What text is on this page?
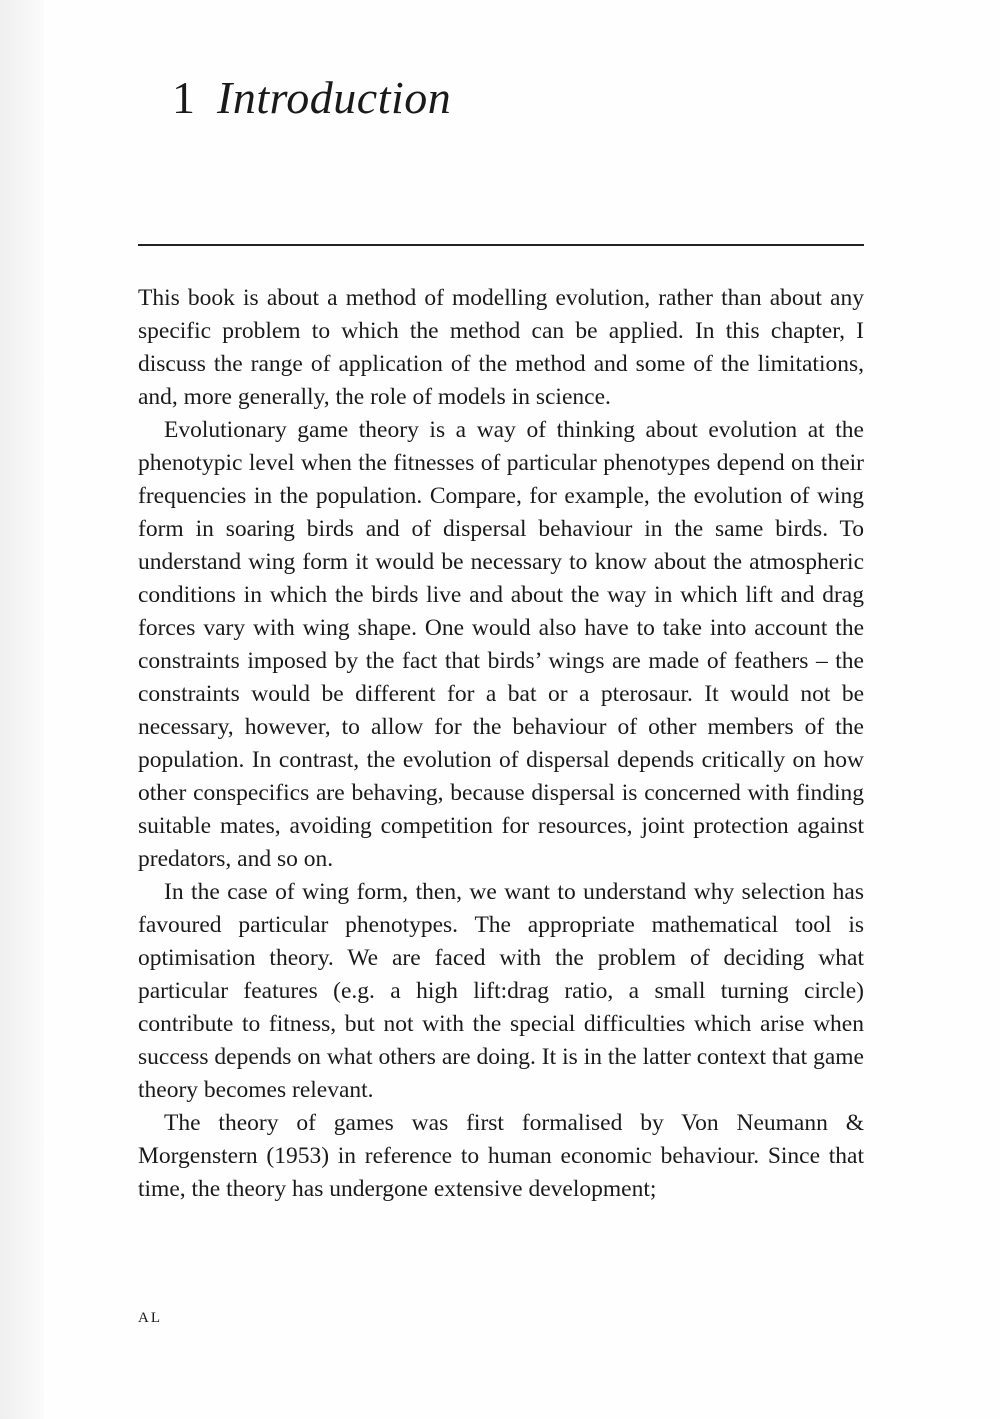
1 Introduction

This book is about a method of modelling evolution, rather than about any specific problem to which the method can be applied. In this chapter, I discuss the range of application of the method and some of the limitations, and, more generally, the role of models in science.

Evolutionary game theory is a way of thinking about evolution at the phenotypic level when the fitnesses of particular phenotypes depend on their frequencies in the population. Compare, for example, the evolution of wing form in soaring birds and of dispersal behaviour in the same birds. To understand wing form it would be necessary to know about the atmospheric conditions in which the birds live and about the way in which lift and drag forces vary with wing shape. One would also have to take into account the constraints imposed by the fact that birds’ wings are made of feathers – the constraints would be different for a bat or a pterosaur. It would not be necessary, however, to allow for the behaviour of other members of the population. In contrast, the evolution of dispersal depends critically on how other conspecifics are behaving, because dispersal is concerned with finding suitable mates, avoiding competition for resources, joint protection against predators, and so on.

In the case of wing form, then, we want to understand why selection has favoured particular phenotypes. The appropriate mathematical tool is optimisation theory. We are faced with the problem of deciding what particular features (e.g. a high lift:drag ratio, a small turning circle) contribute to fitness, but not with the special difficulties which arise when success depends on what others are doing. It is in the latter context that game theory becomes relevant.

The theory of games was first formalised by Von Neumann & Morgenstern (1953) in reference to human economic behaviour. Since that time, the theory has undergone extensive development;

AL
